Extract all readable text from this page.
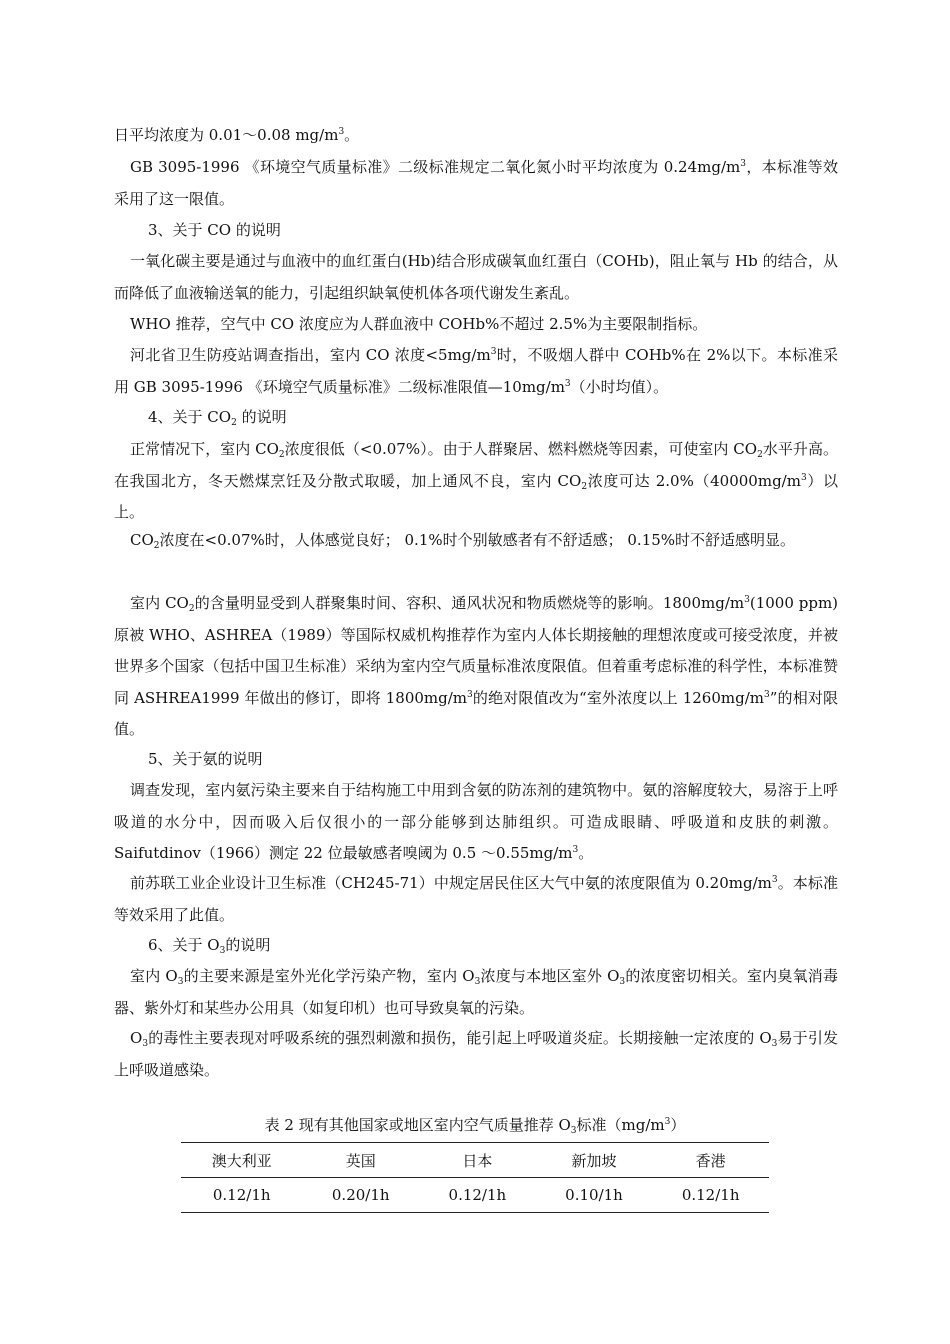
日平均浓度为 0.01～0.08 $mg/m^3$。

GB 3095-1996 《环境空气质量标准》二级标准规定二氧化氮小时平均浓度为 $0.24mg/m^3$，本标准等效采用了这一限值。

3、关于 CO 的说明

一氧化碳主要是通过与血液中的血红蛋白(Hb)结合形成碳氧血红蛋白（COHb)，阻止氧与 Hb 的结合，从而降低了血液输送氧的能力，引起组织缺氧使机体各项代谢发生紊乱。

WHO 推荐，空气中 CO 浓度应为人群血液中 COHb%不超过 2.5%为主要限制指标。

河北省卫生防疫站调查指出，室内 CO 浓度$<5mg/m^3$时，不吸烟人群中 COHb%在 2%以下。本标准采用 GB 3095-1996 《环境空气质量标准》二级标准限值$—10mg/m^3$（小时均值）。

4、关于 $CO_2$ 的说明

正常情况下，室内 $CO_2$浓度很低（<0.07%）。由于人群聚居、燃料燃烧等因素，可使室内 $CO_2$水平升高。在我国北方，冬天燃煤烹饪及分散式取暖，加上通风不良，室内 $CO_2$浓度可达 $2.0\%(40000mg/m^3)$以上。

$CO_2$浓度在<0.07%时，人体感觉良好； 0.1%时个别敏感者有不舒适感； 0.15%时不舒适感明显。

室内 $CO_2$的含量明显受到人群聚集时间、容积、通风状况和物质燃烧等的影响。$1800mg/m^3(1000$ ppm)原被 WHO、ASHREA（1989）等国际权威机构推荐作为室内人体长期接触的理想浓度或可接受浓度，并被世界多个国家（包括中国卫生标准）采纳为室内空气质量标准浓度限值。但着重考虑标准的科学性，本标准赞同 ASHREA1999 年做出的修订，即将 $1800mg/m^3$的绝对限值改为“室外浓度以上 $1260mg/m^3$”的相对限值。

5、关于氨的说明

调查发现，室内氨污染主要来自于结构施工中用到含氨的防冻剂的建筑物中。氨的溶解度较大，易溶于上呼吸道的水分中，因而吸入后仅很小的一部分能够到达肺组织。可造成眼睛、呼吸道和皮肤的刺激。 Saifutdinov（1966）测定 22 位最敏感者嗅阈为 0.5 $\sim 0.55mg/m^3$。

前苏联工业企业设计卫生标准（CH245-71）中规定居民住区大气中氨的浓度限值为 $0.20mg/m^3$。本标准等效采用了此值。

6、关于 $O_3$的说明

室内 $O_3$的主要来源是室外光化学污染产物，室内 $O_3$浓度与本地区室外 $O_3$的浓度密切相关。室内臭氧消毒器、紫外灯和某些办公用具（如复印机）也可导致臭氧的污染。

$O_3$的毒性主要表现对呼吸系统的强烈刺激和损伤，能引起上呼吸道炎症。长期接触一定浓度的 $O_3$易于引发上呼吸道感染。

表 2 现有其他国家或地区室内空气质量推荐 $O_3$标准$(mg/m^3)$
澳大利亚	英国	日本	新加坡	香港
0.12/1h	0.20/1h	0.12/1h	0.10/1h	0.12/1h
